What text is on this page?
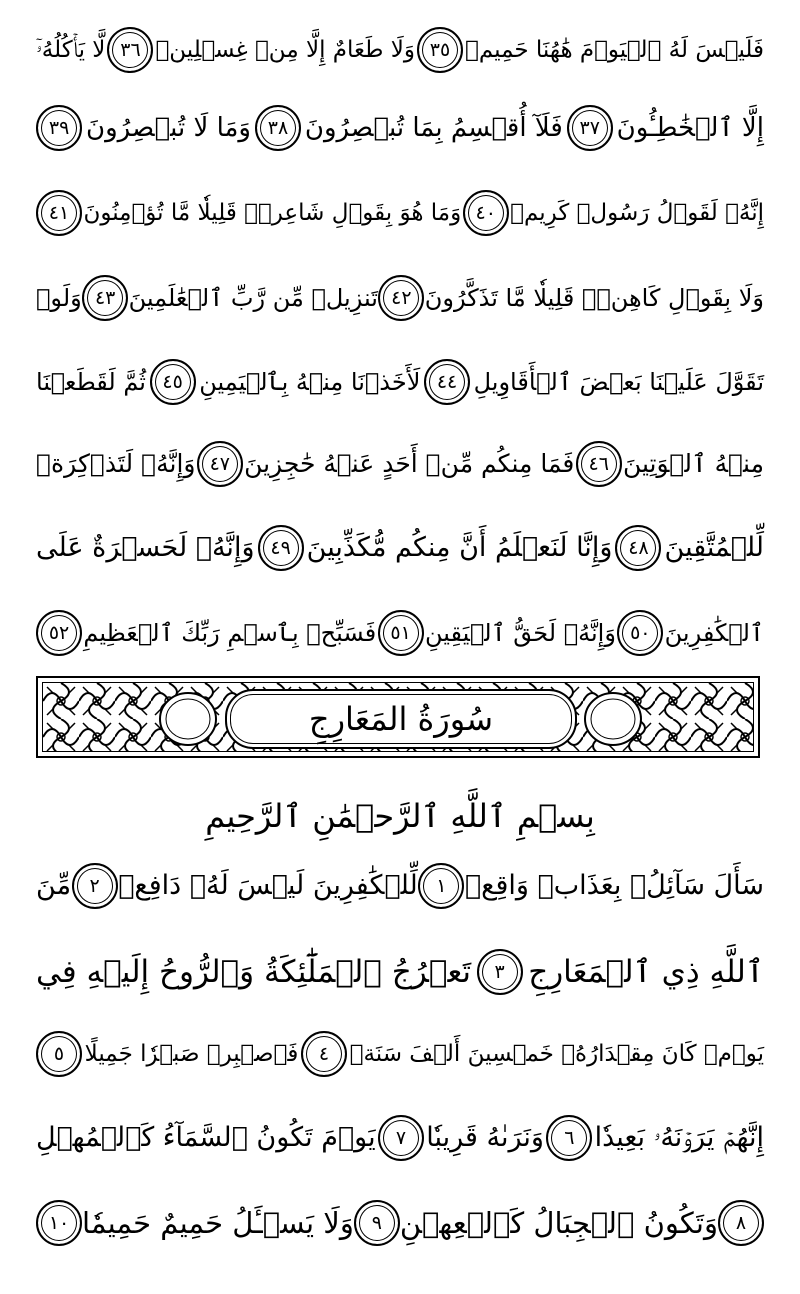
فَلَيۡسَ لَهُ ٱلۡيَوۡمَ هَٰهُنَا حَمِيمٞ
٣٥
وَلَا طَعَامٌ إِلَّا مِنۡ غِسۡلِينٖ
٣٦
لَّا يَأۡكُلُهُۥٓ
إِلَّا ٱلۡخَٰطِـُٔونَ
٣٧
فَلَآ أُقۡسِمُ بِمَا تُبۡصِرُونَ
٣٨
وَمَا لَا تُبۡصِرُونَ
٣٩
إِنَّهُۥ لَقَوۡلُ رَسُولٖ كَرِيمٖ
٤٠
وَمَا هُوَ بِقَوۡلِ شَاعِرٖۚ قَلِيلٗا مَّا تُؤۡمِنُونَ
٤١
وَلَا بِقَوۡلِ كَاهِنٖۚ قَلِيلٗا مَّا تَذَكَّرُونَ
٤٢
تَنزِيلٞ مِّن رَّبِّ ٱلۡعَٰلَمِينَ
٤٣
وَلَوۡ
تَقَوَّلَ عَلَيۡنَا بَعۡضَ ٱلۡأَقَاوِيلِ
٤٤
لَأَخَذۡنَا مِنۡهُ بِٱلۡيَمِينِ
٤٥
ثُمَّ لَقَطَعۡنَا
مِنۡهُ ٱلۡوَتِينَ
٤٦
فَمَا مِنكُم مِّنۡ أَحَدٍ عَنۡهُ حَٰجِزِينَ
٤٧
وَإِنَّهُۥ لَتَذۡكِرَةٞ
لِّلۡمُتَّقِينَ
٤٨
وَإِنَّا لَنَعۡلَمُ أَنَّ مِنكُم مُّكَذِّبِينَ
٤٩
وَإِنَّهُۥ لَحَسۡرَةٌ عَلَى
ٱلۡكَٰفِرِينَ
٥٠
وَإِنَّهُۥ لَحَقُّ ٱلۡيَقِينِ
٥١
فَسَبِّحۡ بِٱسۡمِ رَبِّكَ ٱلۡعَظِيمِ
٥٢
سُورَةُ المَعَارِجِ
بِسۡمِ ٱللَّهِ ٱلرَّحۡمَٰنِ ٱلرَّحِيمِ
سَأَلَ سَآئِلُۢ بِعَذَابٖ وَاقِعٖ
١
لِّلۡكَٰفِرِينَ لَيۡسَ لَهُۥ دَافِعٞ
٢
مِّنَ
ٱللَّهِ ذِي ٱلۡمَعَارِجِ
٣
تَعۡرُجُ ٱلۡمَلَٰٓئِكَةُ وَٱلرُّوحُ إِلَيۡهِ فِي
يَوۡمٖ كَانَ مِقۡدَارُهُۥ خَمۡسِينَ أَلۡفَ سَنَةٖ
٤
فَٱصۡبِرۡ صَبۡرٗا جَمِيلًا
٥
إِنَّهُمۡ يَرَوۡنَهُۥ بَعِيدٗا
٦
وَنَرَىٰهُ قَرِيبٗا
٧
يَوۡمَ تَكُونُ ٱلسَّمَآءُ كَٱلۡمُهۡلِ
٨
وَتَكُونُ ٱلۡجِبَالُ كَٱلۡعِهۡنِ
٩
وَلَا يَسۡـَٔلُ حَمِيمٌ حَمِيمٗا
١٠
